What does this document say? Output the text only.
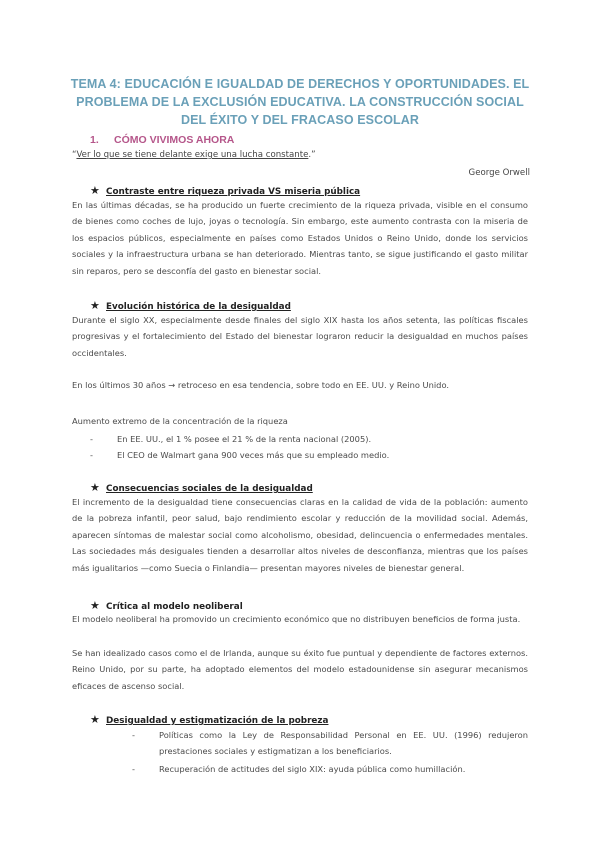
TEMA 4: EDUCACIÓN E IGUALDAD DE DERECHOS Y OPORTUNIDADES. EL PROBLEMA DE LA EXCLUSIÓN EDUCATIVA. LA CONSTRUCCIÓN SOCIAL DEL ÉXITO Y DEL FRACASO ESCOLAR
1. CÓMO VIVIMOS AHORA
“Ver lo que se tiene delante exige una lucha constante.”
George Orwell
★ Contraste entre riqueza privada VS miseria pública
En las últimas décadas, se ha producido un fuerte crecimiento de la riqueza privada, visible en el consumo de bienes como coches de lujo, joyas o tecnología. Sin embargo, este aumento contrasta con la miseria de los espacios públicos, especialmente en países como Estados Unidos o Reino Unido, donde los servicios sociales y la infraestructura urbana se han deteriorado. Mientras tanto, se sigue justificando el gasto militar sin reparos, pero se desconfía del gasto en bienestar social.
★ Evolución histórica de la desigualdad
Durante el siglo XX, especialmente desde finales del siglo XIX hasta los años setenta, las políticas fiscales progresivas y el fortalecimiento del Estado del bienestar lograron reducir la desigualdad en muchos países occidentales.
En los últimos 30 años → retroceso en esa tendencia, sobre todo en EE. UU. y Reino Unido.
Aumento extremo de la concentración de la riqueza
-	En EE. UU., el 1 % posee el 21 % de la renta nacional (2005).
-	El CEO de Walmart gana 900 veces más que su empleado medio.
★ Consecuencias sociales de la desigualdad
El incremento de la desigualdad tiene consecuencias claras en la calidad de vida de la población: aumento de la pobreza infantil, peor salud, bajo rendimiento escolar y reducción de la movilidad social. Además, aparecen síntomas de malestar social como alcoholismo, obesidad, delincuencia o enfermedades mentales. Las sociedades más desiguales tienden a desarrollar altos niveles de desconfianza, mientras que los países más igualitarios —como Suecia o Finlandia— presentan mayores niveles de bienestar general.
★ Crítica al modelo neoliberal
El modelo neoliberal ha promovido un crecimiento económico que no distribuyen beneficios de forma justa.
Se han idealizado casos como el de Irlanda, aunque su éxito fue puntual y dependiente de factores externos. Reino Unido, por su parte, ha adoptado elementos del modelo estadounidense sin asegurar mecanismos eficaces de ascenso social.
★ Desigualdad y estigmatización de la pobreza
-	Políticas como la Ley de Responsabilidad Personal en EE. UU. (1996) redujeron prestaciones sociales y estigmatizan a los beneficiarios.
-	Recuperación de actitudes del siglo XIX: ayuda pública como humillación.
